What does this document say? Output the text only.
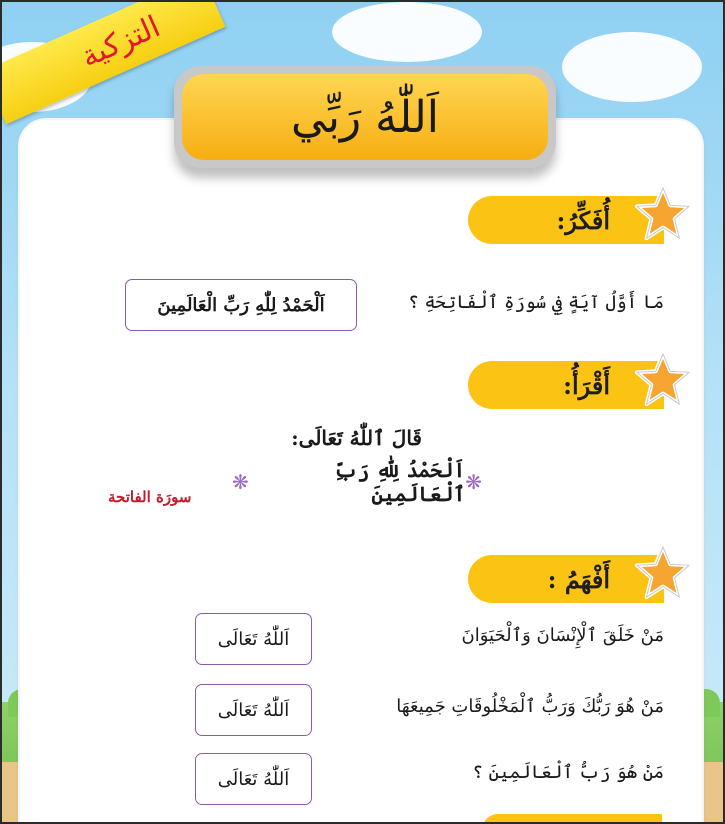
التزكية
اَللّٰهُ رَبِّي
أُفَكِّرُ:
مَا أَوَّلُ آيَةٍ فِي سُورَةِ ٱلْفَاتِحَةِ ؟
اَلْحَمْدُ لِلّٰهِ رَبِّ الْعَالَمِينَ
أَقْرَأُ:
قَالَ ٱللّٰهُ تَعَالَى:
❋	اَلْحَمْدُ لِلّٰهِ رَبِّ ٱلْعَالَمِينَ ❋
سورَة الفاتحة
أَفْهَمُ :
مَنْ خَلَقَ ٱلْإِنْسَانَ وَٱلْحَيَوَانَ
اَللّٰهُ تَعَالَى
مَنْ هُوَ رَبُّكَ وَرَبُّ ٱلْمَخْلُوقَاتِ جَمِيعَهَا
اَللّٰهُ تَعَالَى
مَنْ هُوَ رَبُّ ٱلْعَالَمِينَ ؟
اَللّٰهُ تَعَالَى
